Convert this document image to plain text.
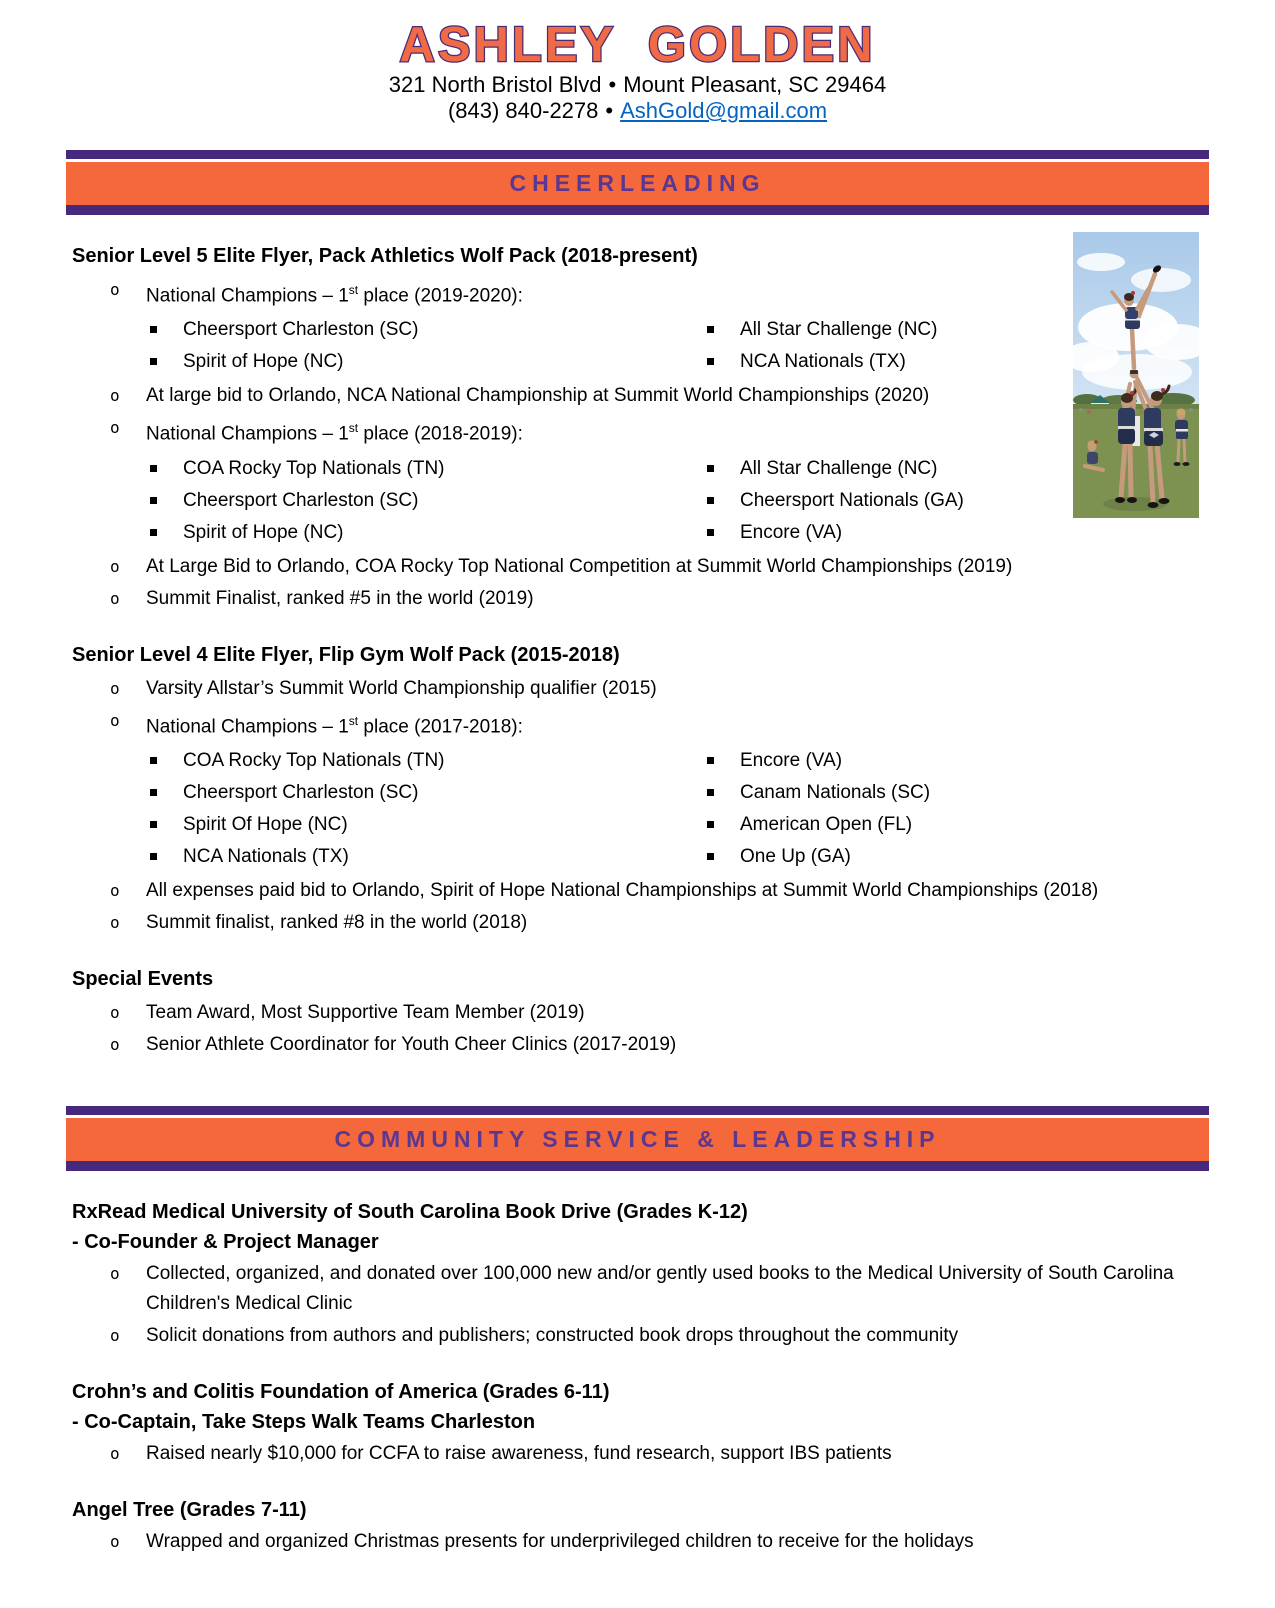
ASHLEY GOLDEN
321 North Bristol Blvd • Mount Pleasant, SC 29464
(843) 840-2278 • AshGold@gmail.com
CHEERLEADING
Senior Level 5 Elite Flyer, Pack Athletics Wolf Pack (2018-present)
o National Champions – 1st place (2019-2020):
Cheersport Charleston (SC)
Spirit of Hope (NC)
All Star Challenge (NC)
NCA Nationals (TX)
o At large bid to Orlando, NCA National Championship at Summit World Championships (2020)
o National Champions – 1st place (2018-2019):
COA Rocky Top Nationals (TN)
Cheersport Charleston (SC)
Spirit of Hope (NC)
All Star Challenge (NC)
Cheersport Nationals (GA)
Encore (VA)
o At Large Bid to Orlando, COA Rocky Top National Competition at Summit World Championships (2019)
o Summit Finalist, ranked #5 in the world (2019)
Senior Level 4 Elite Flyer, Flip Gym Wolf Pack (2015-2018)
o Varsity Allstar’s Summit World Championship qualifier (2015)
o National Champions – 1st place (2017-2018):
COA Rocky Top Nationals (TN)
Cheersport Charleston (SC)
Spirit Of Hope (NC)
NCA Nationals (TX)
Encore (VA)
Canam Nationals (SC)
American Open (FL)
One Up (GA)
o All expenses paid bid to Orlando, Spirit of Hope National Championships at Summit World Championships (2018)
o Summit finalist, ranked #8 in the world (2018)
Special Events
o Team Award, Most Supportive Team Member (2019)
o Senior Athlete Coordinator for Youth Cheer Clinics (2017-2019)
COMMUNITY SERVICE & LEADERSHIP
RxRead Medical University of South Carolina Book Drive (Grades K-12)
- Co-Founder & Project Manager
o Collected, organized, and donated over 100,000 new and/or gently used books to the Medical University of South Carolina Children's Medical Clinic
o Solicit donations from authors and publishers; constructed book drops throughout the community
Crohn’s and Colitis Foundation of America (Grades 6-11)
- Co-Captain, Take Steps Walk Teams Charleston
o Raised nearly $10,000 for CCFA to raise awareness, fund research, support IBS patients
Angel Tree (Grades 7-11)
o Wrapped and organized Christmas presents for underprivileged children to receive for the holidays
